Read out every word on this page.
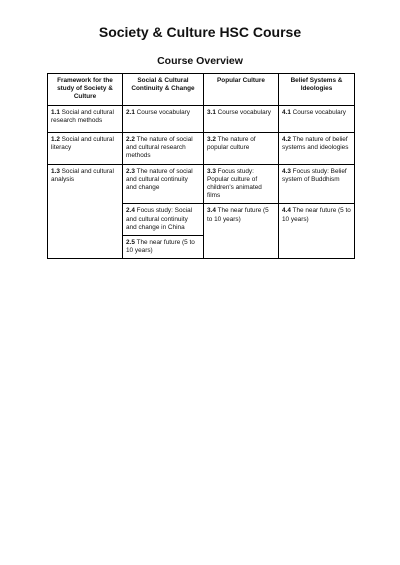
Society & Culture HSC Course
Course Overview
Framework for the study of Society & Culture	Social & Cultural Continuity & Change	Popular Culture	Belief Systems & Ideologies
1.1 Social and cultural research methods	2.1 Course vocabulary	3.1 Course vocabulary	4.1 Course vocabulary
1.2 Social and cultural literacy	2.2 The nature of social and cultural research methods	3.2 The nature of popular culture	4.2 The nature of belief systems and ideologies
1.3 Social and cultural analysis	2.3 The nature of social and cultural continuity and change	3.3 Focus study: Popular culture of children's animated films	4.3 Focus study: Belief system of Buddhism
	2.4 Focus study: Social and cultural continuity and change in China	3.4 The near future (5 to 10 years)	4.4 The near future (5 to 10 years)
	2.5 The near future (5 to 10 years)		
